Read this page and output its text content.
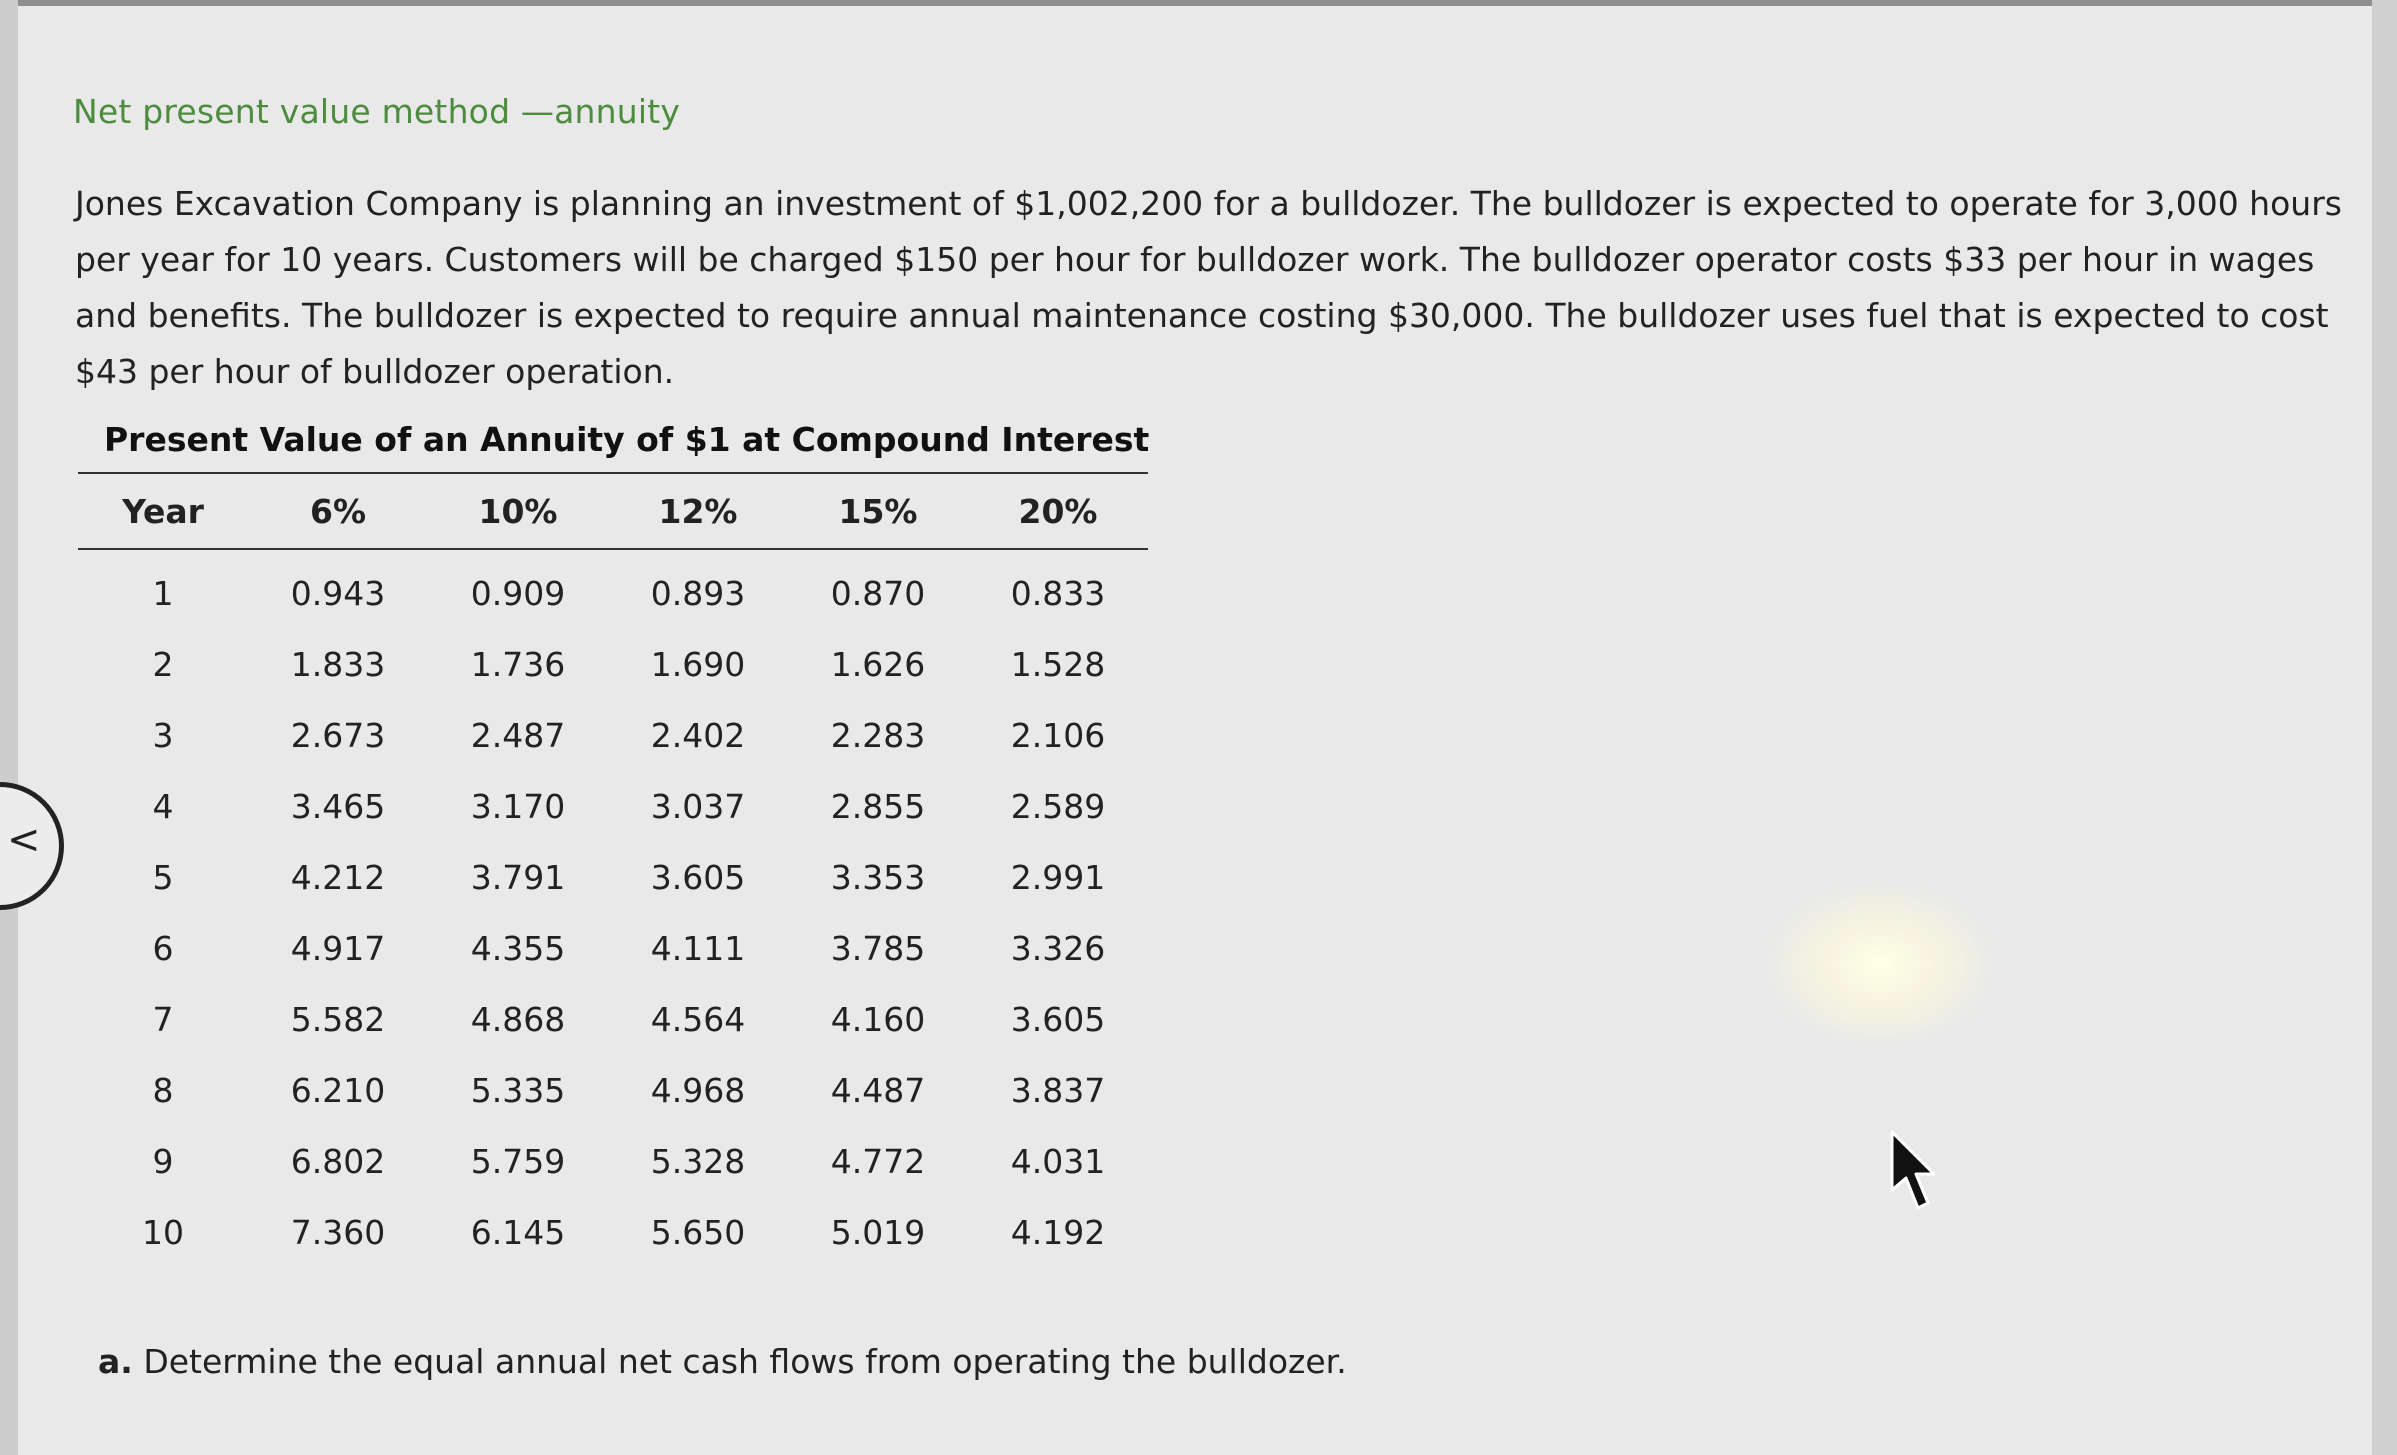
Net present value method —annuity

Jones Excavation Company is planning an investment of $1,002,200 for a bulldozer. The bulldozer is expected to operate for 3,000 hours per year for 10 years. Customers will be charged $150 per hour for bulldozer work. The bulldozer operator costs $33 per hour in wages and benefits. The bulldozer is expected to require annual maintenance costing $30,000. The bulldozer uses fuel that is expected to cost $43 per hour of bulldozer operation.

Present Value of an Annuity of $1 at Compound Interest
Year	6%	10%	12%	15%	20%
1	0.943	0.909	0.893	0.870	0.833
2	1.833	1.736	1.690	1.626	1.528
3	2.673	2.487	2.402	2.283	2.106
4	3.465	3.170	3.037	2.855	2.589
5	4.212	3.791	3.605	3.353	2.991
6	4.917	4.355	4.111	3.785	3.326
7	5.582	4.868	4.564	4.160	3.605
8	6.210	5.335	4.968	4.487	3.837
9	6.802	5.759	5.328	4.772	4.031
10	7.360	6.145	5.650	5.019	4.192
a. Determine the equal annual net cash flows from operating the bulldozer.
<
